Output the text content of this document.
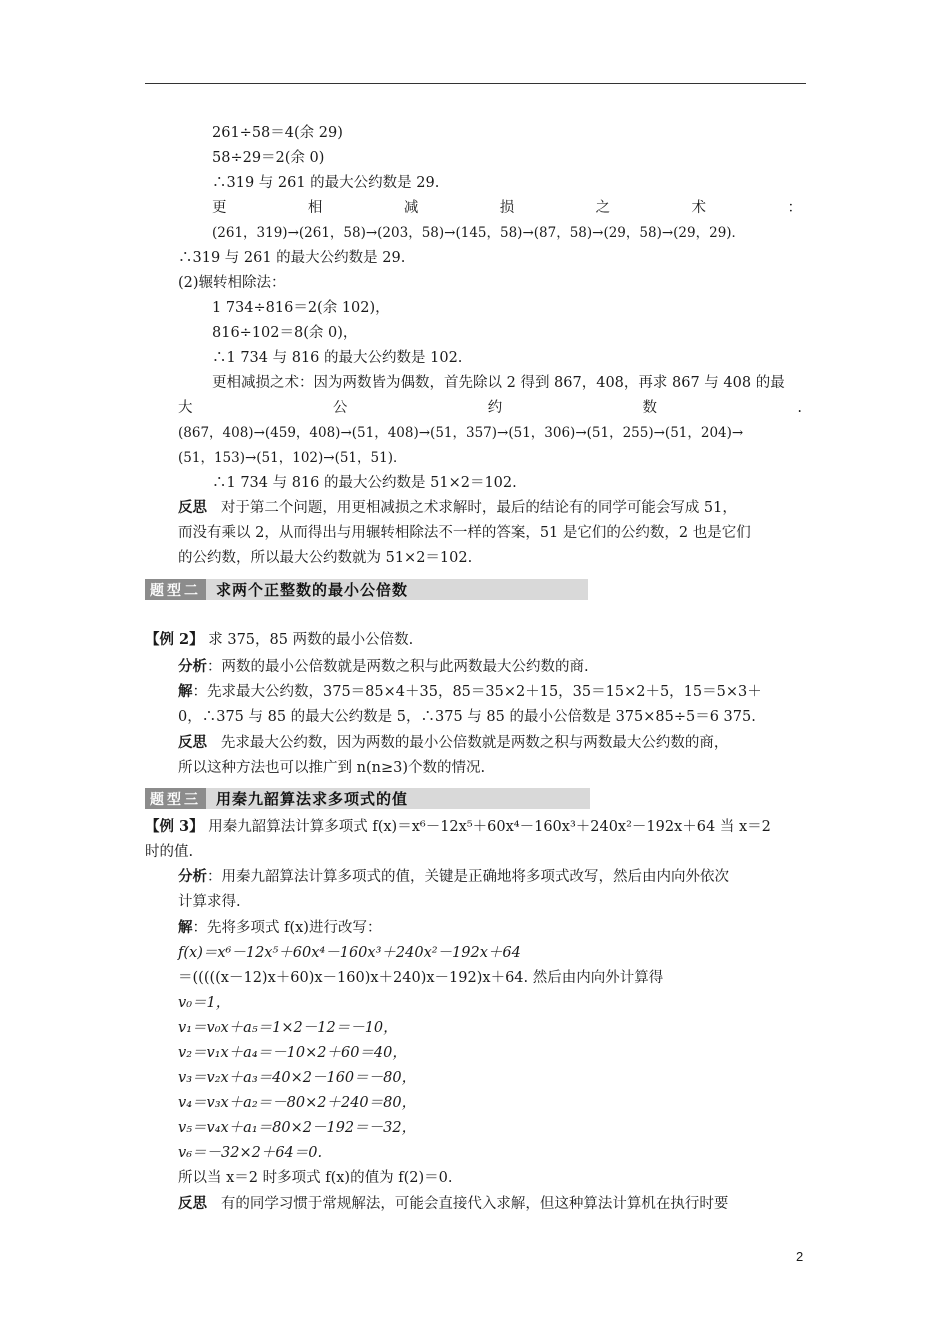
261÷58＝4(余 29)
58÷29＝2(余 0)
∴319 与 261 的最大公约数是 29.
更	相	减	损	之	术	：
(261，319)→(261，58)→(203，58)→(145，58)→(87，58)→(29，58)→(29，29)．
∴319 与 261 的最大公约数是 29.
(2)辗转相除法：
1 734÷816＝2(余 102)，
816÷102＝8(余 0)，
∴1 734 与 816 的最大公约数是 102.
更相减损之术：因为两数皆为偶数，首先除以 2 得到 867，408，再求 867 与 408 的最
大	公	约	数	.
(867，408)→(459，408)→(51，408)→(51，357)→(51，306)→(51，255)→(51，204)→
(51，153)→(51，102)→(51，51)．
∴1 734 与 816 的最大公约数是 51×2＝102.
反思 对于第二个问题，用更相减损之术求解时，最后的结论有的同学可能会写成 51，
而没有乘以 2，从而得出与用辗转相除法不一样的答案，51 是它们的公约数，2 也是它们
的公约数，所以最大公约数就为 51×2＝102.
题型二	求两个正整数的最小公倍数
【例 2】 求 375，85 两数的最小公倍数.
分析：两数的最小公倍数就是两数之积与此两数最大公约数的商.
解：先求最大公约数，375＝85×4＋35，85＝35×2＋15，35＝15×2＋5，15＝5×3＋
0，∴375 与 85 的最大公约数是 5，∴375 与 85 的最小公倍数是 375×85÷5＝6 375.
反思 先求最大公约数，因为两数的最小公倍数就是两数之积与两数最大公约数的商，
所以这种方法也可以推广到 n(n≥3)个数的情况.
题型三	用秦九韶算法求多项式的值
【例 3】 用秦九韶算法计算多项式 f(x)＝x⁶－12x⁵＋60x⁴－160x³＋240x²－192x＋64 当 x＝2
时的值.
分析：用秦九韶算法计算多项式的值，关键是正确地将多项式改写，然后由内向外依次
计算求得.
解：先将多项式 f(x)进行改写：
f(x)＝x⁶－12x⁵＋60x⁴－160x³＋240x²－192x＋64
＝(((((x－12)x＋60)x－160)x＋240)x－192)x＋64. 然后由内向外计算得
v₀＝1，
v₁＝v₀x＋a₅＝1×2－12＝－10，
v₂＝v₁x＋a₄＝－10×2＋60＝40，
v₃＝v₂x＋a₃＝40×2－160＝－80，
v₄＝v₃x＋a₂＝－80×2＋240＝80，
v₅＝v₄x＋a₁＝80×2－192＝－32，
v₆＝－32×2＋64＝0.
所以当 x＝2 时多项式 f(x)的值为 f(2)＝0.
反思 有的同学习惯于常规解法，可能会直接代入求解，但这种算法计算机在执行时要
2
